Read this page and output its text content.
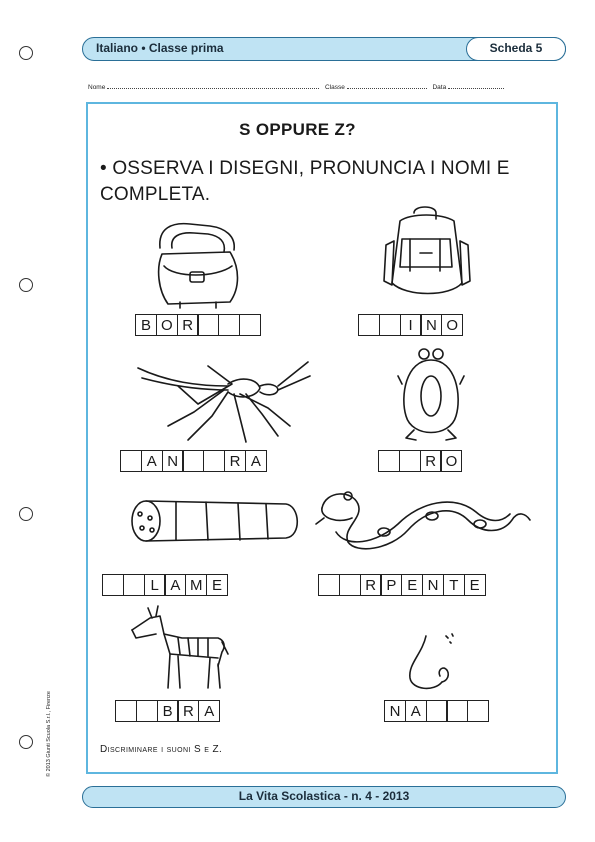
Italiano • Classe prima	Scheda 5
Nome	Classe	Data
S OPPURE Z?
• OSSERVA I DISEGNI, PRONUNCIA I NOMI E COMPLETA.
B O R	I N O
A N	R A	R O
L A M E	R P E N T E
B R A	N A
Discriminare i suoni S e Z.
© 2013 Giunti Scuola S.r.l., Firenze
La Vita Scolastica - n. 4 - 2013
